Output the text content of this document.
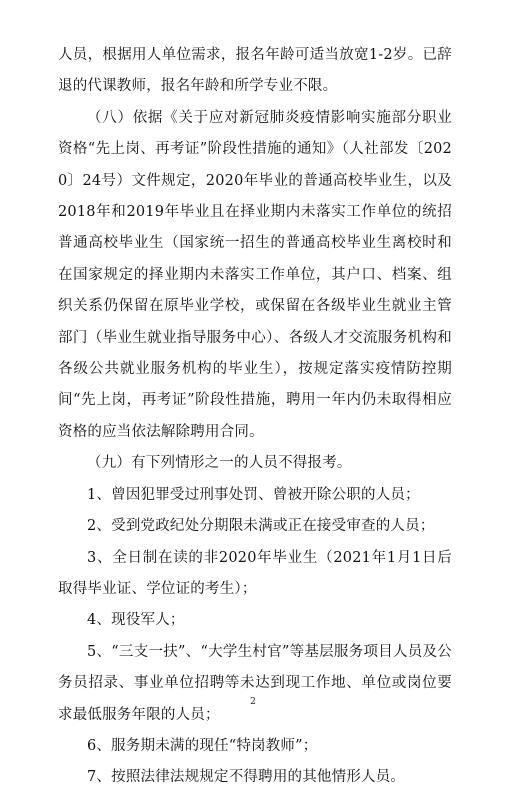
人员，根据用人单位需求，报名年龄可适当放宽1-2岁。已辞退的代课教师，报名年龄和所学专业不限。

（八）依据《关于应对新冠肺炎疫情影响实施部分职业资格“先上岗、再考证”阶段性措施的通知》（人社部发〔2020〕24号）文件规定，2020年毕业的普通高校毕业生，以及2018年和2019年毕业且在择业期内未落实工作单位的统招普通高校毕业生（国家统一招生的普通高校毕业生离校时和在国家规定的择业期内未落实工作单位，其户口、档案、组织关系仍保留在原毕业学校，或保留在各级毕业生就业主管部门（毕业生就业指导服务中心）、各级人才交流服务机构和各级公共就业服务机构的毕业生），按规定落实疫情防控期间“先上岗，再考证”阶段性措施，聘用一年内仍未取得相应资格的应当依法解除聘用合同。

（九）有下列情形之一的人员不得报考。

1、曾因犯罪受过刑事处罚、曾被开除公职的人员；

2、受到党政纪处分期限未满或正在接受审查的人员；

3、全日制在读的非2020年毕业生（2021年1月1日后取得毕业证、学位证的考生）；

4、现役军人；

5、“三支一扶”、“大学生村官”等基层服务项目人员及公务员招录、事业单位招聘等未达到现工作地、单位或岗位要求最低服务年限的人员；

6、服务期未满的现任“特岗教师”；

7、按照法律法规规定不得聘用的其他情形人员。

2
